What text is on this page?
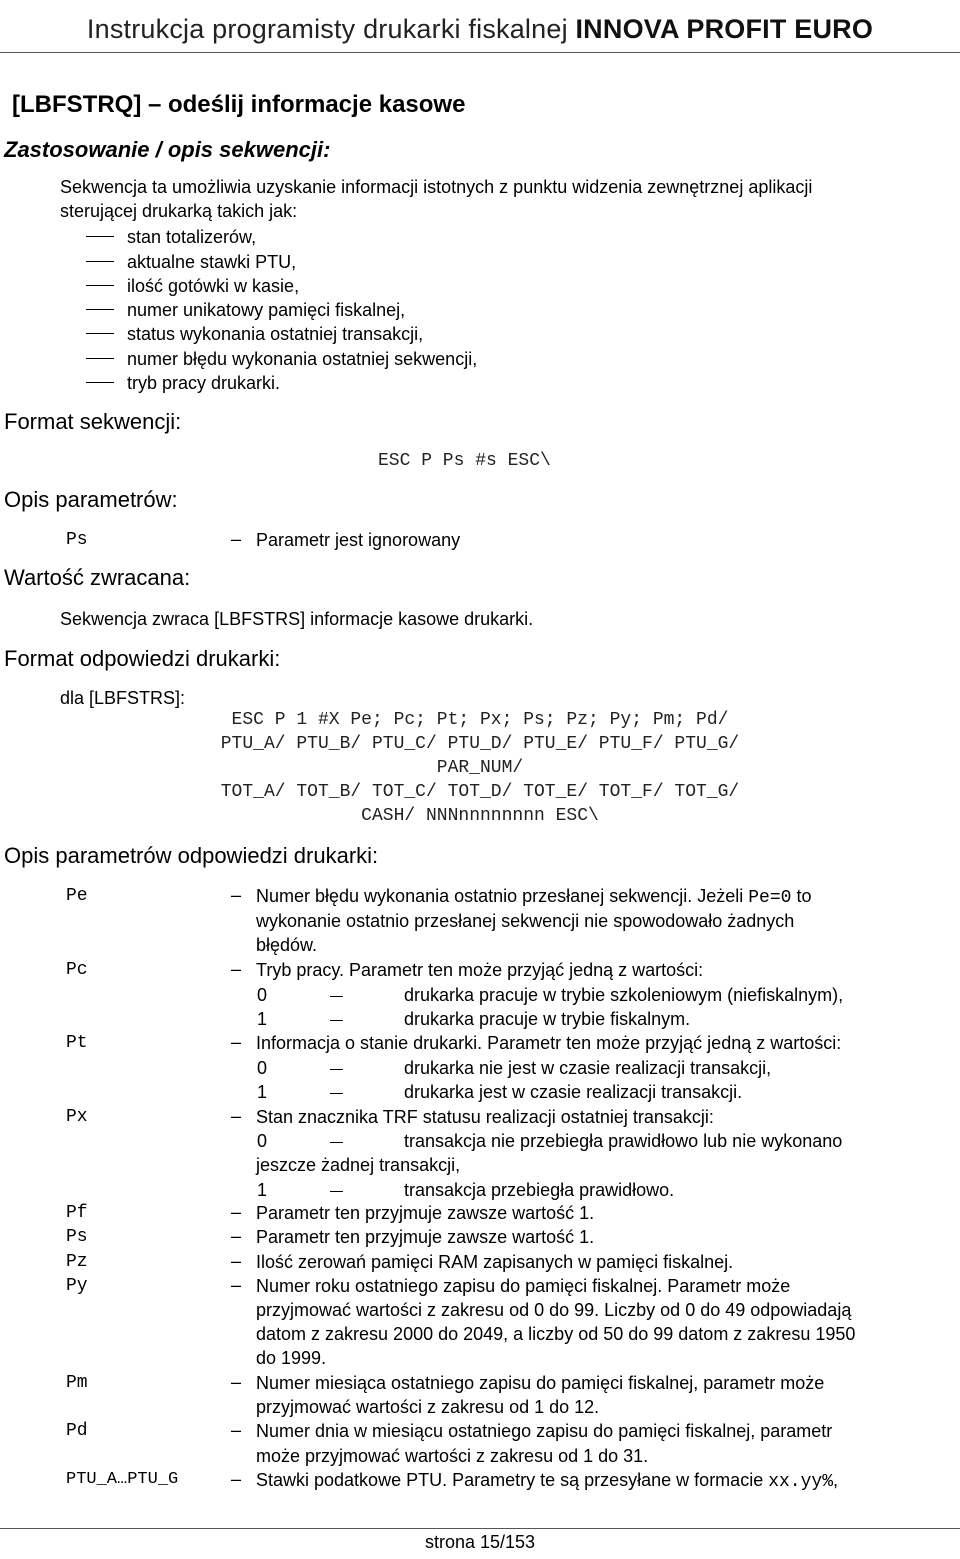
Instrukcja programisty drukarki fiskalnej INNOVA PROFIT EURO
[LBFSTRQ] – odeślij informacje kasowe
Zastosowanie / opis sekwencji:
Sekwencja ta umożliwia uzyskanie informacji istotnych z punktu widzenia zewnętrznej aplikacji
sterującej drukarką takich jak:
stan totalizerów,
aktualne stawki PTU,
ilość gotówki w kasie,
numer unikatowy pamięci fiskalnej,
status wykonania ostatniej transakcji,
numer błędu wykonania ostatniej sekwencji,
tryb pracy drukarki.
Format sekwencji:
ESC P Ps #s ESC\
Opis parametrów:
Ps	– Parametr jest ignorowany
Wartość zwracana:
Sekwencja zwraca [LBFSTRS] informacje kasowe drukarki.
Format odpowiedzi drukarki:
dla [LBFSTRS]:
ESC P 1 #X Pe; Pc; Pt; Px; Ps; Pz; Py; Pm; Pd/
PTU_A/ PTU_B/ PTU_C/ PTU_D/ PTU_E/ PTU_F/ PTU_G/
PAR_NUM/
TOT_A/ TOT_B/ TOT_C/ TOT_D/ TOT_E/ TOT_F/ TOT_G/
CASH/ NNNnnnnnnnn ESC\
Opis parametrów odpowiedzi drukarki:
Pe	– Numer błędu wykonania ostatnio przesłanej sekwencji. Jeżeli Pe=0 to
wykonanie ostatnio przesłanej sekwencji nie spowodowało żadnych
błędów.
Pc	– Tryb pracy. Parametr ten może przyjąć jedną z wartości:
0	drukarka pracuje w trybie szkoleniowym (niefiskalnym),
1	drukarka pracuje w trybie fiskalnym.
Pt	– Informacja o stanie drukarki. Parametr ten może przyjąć jedną z wartości:
0	drukarka nie jest w czasie realizacji transakcji,
1	drukarka jest w czasie realizacji transakcji.
Px	– Stan znacznika TRF statusu realizacji ostatniej transakcji:
0	transakcja nie przebiegła prawidłowo lub nie wykonano
jeszcze żadnej transakcji,
1	transakcja przebiegła prawidłowo.
Pf	– Parametr ten przyjmuje zawsze wartość 1.
Ps	– Parametr ten przyjmuje zawsze wartość 1.
Pz	– Ilość zerowań pamięci RAM zapisanych w pamięci fiskalnej.
Py	– Numer roku ostatniego zapisu do pamięci fiskalnej. Parametr może
przyjmować wartości z zakresu od 0 do 99. Liczby od 0 do 49 odpowiadają
datom z zakresu 2000 do 2049, a liczby od 50 do 99 datom z zakresu 1950
do 1999.
Pm	– Numer miesiąca ostatniego zapisu do pamięci fiskalnej, parametr może
przyjmować wartości z zakresu od 1 do 12.
Pd	– Numer dnia w miesiącu ostatniego zapisu do pamięci fiskalnej, parametr
może przyjmować wartości z zakresu od 1 do 31.
PTU_A…PTU_G	– Stawki podatkowe PTU. Parametry te są przesyłane w formacie xx.yy%,
strona 15/153
